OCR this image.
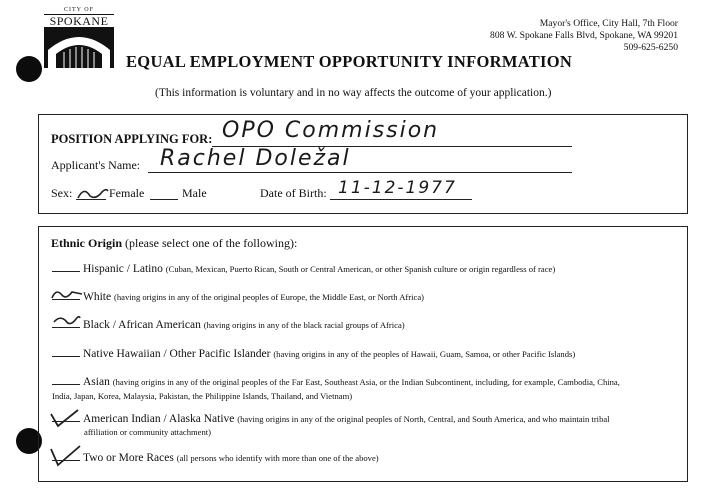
CITY OF
SPOKANE	Mayor's Office, City Hall, 7th Floor
808 W. Spokane Falls Blvd, Spokane, WA 99201
509-625-6250
EQUAL EMPLOYMENT OPPORTUNITY INFORMATION
(This information is voluntary and in no way affects the outcome of your application.)
POSITION APPLYING FOR: OPO Commission
Applicant's Name: Rachel Doležal
Sex:	Female	Male	Date of Birth: 11-12-1977
Ethnic Origin (please select one of the following):
Hispanic / Latino (Cuban, Mexican, Puerto Rican, South or Central American, or other Spanish culture or origin regardless of race)
White (having origins in any of the original peoples of Europe, the Middle East, or North Africa)
Black / African American (having origins in any of the black racial groups of Africa)
Native Hawaiian / Other Pacific Islander (having origins in any of the peoples of Hawaii, Guam, Samoa, or other Pacific Islands)
Asian (having origins in any of the original peoples of the Far East, Southeast Asia, or the Indian Subcontinent, including, for example, Cambodia, China,
India, Japan, Korea, Malaysia, Pakistan, the Philippine Islands, Thailand, and Vietnam)
American Indian / Alaska Native (having origins in any of the original peoples of North, Central, and South America, and who maintain tribal
affiliation or community attachment)
Two or More Races (all persons who identify with more than one of the above)
